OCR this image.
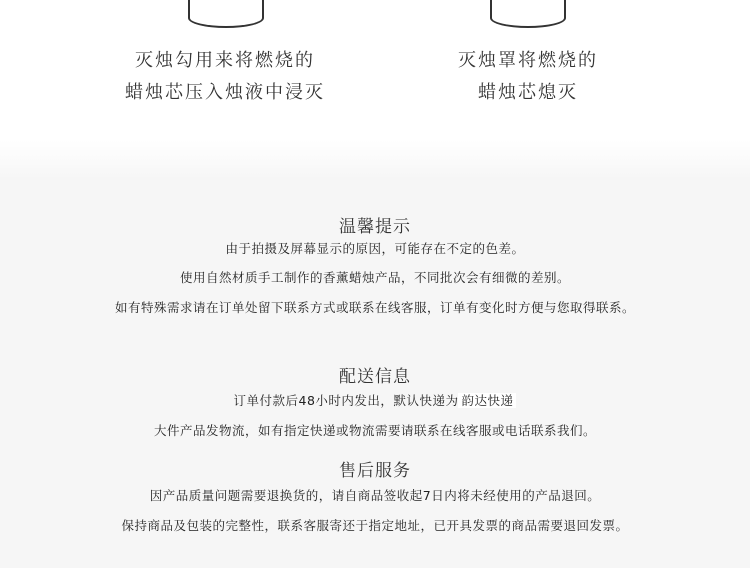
灭烛勾用来将燃烧的
蜡烛芯压入烛液中浸灭
灭烛罩将燃烧的
蜡烛芯熄灭
温馨提示
由于拍摄及屏幕显示的原因，可能存在不定的色差。
使用自然材质手工制作的香薰蜡烛产品，不同批次会有细微的差别。
如有特殊需求请在订单处留下联系方式或联系在线客服，订单有变化时方便与您取得联系。
配送信息
订单付款后48小时内发出，默认快递为 韵达快递
大件产品发物流，如有指定快递或物流需要请联系在线客服或电话联系我们。
售后服务
因产品质量问题需要退换货的，请自商品签收起7日内将未经使用的产品退回。
保持商品及包装的完整性，联系客服寄还于指定地址，已开具发票的商品需要退回发票。
